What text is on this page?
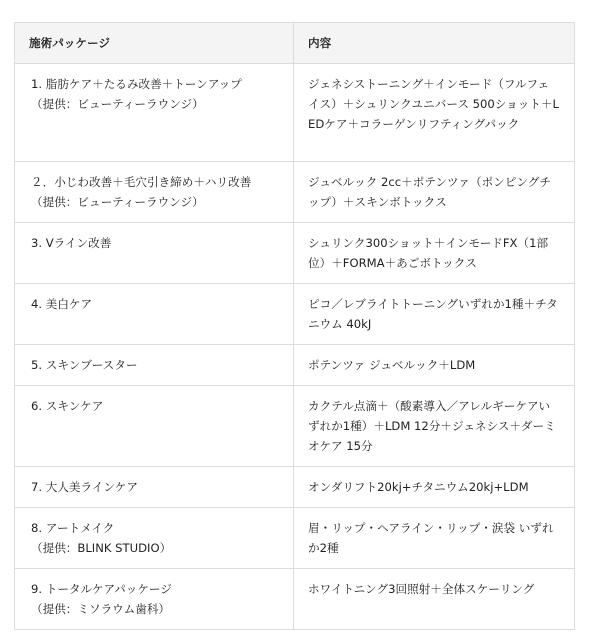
施術パッケージ	内容

1. 脂肪ケア＋たるみ改善＋トーンアップ
（提供：ビューティーラウンジ）	ジェネシストーニング＋インモード（フルフェイス）＋シュリンクユニバース 500ショット＋LEDケア＋コラーゲンリフティングパック

２．小じわ改善＋毛穴引き締め＋ハリ改善
（提供：ビューティーラウンジ）	ジュベルック 2cc＋ポテンツァ（ポンピングチップ）＋スキンボトックス

3. Vライン改善	シュリンク300ショット＋インモードFX（1部位）＋FORMA＋あごボトックス

4. 美白ケア	ピコ／レブライトトーニングいずれか1種＋チタニウム 40kJ

5. スキンブースター	ポテンツァ ジュベルック＋LDM

6. スキンケア	カクテル点滴＋（酸素導入／アレルギーケアいずれか1種）＋LDM 12分＋ジェネシス＋ダーミオケア 15分

7. 大人美ラインケア	オンダリフト20kj+チタニウム20kj+LDM

8. アートメイク
（提供：BLINK STUDIO）	眉・リップ・ヘアライン・リップ・涙袋 いずれか2種

9. トータルケアパッケージ
（提供：ミソラウム歯科）	ホワイトニング3回照射＋全体スケーリング
